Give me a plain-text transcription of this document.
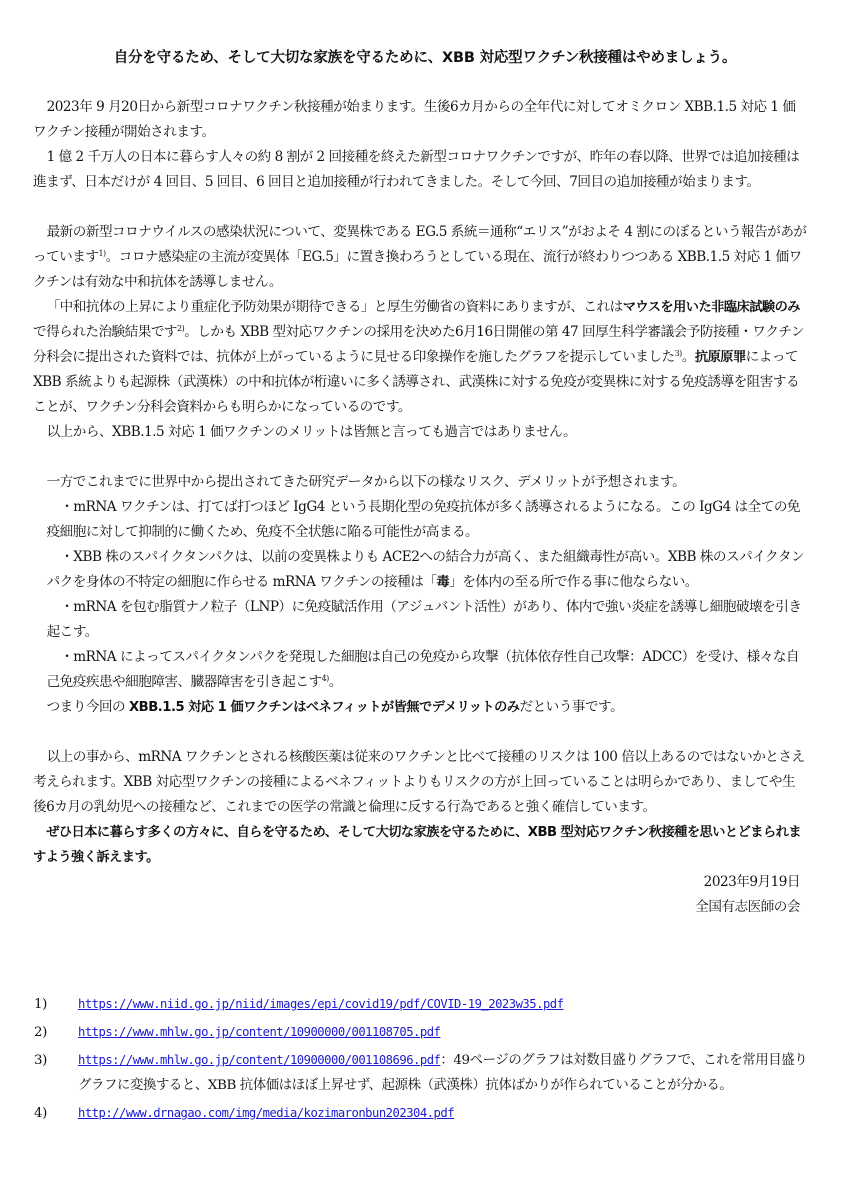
自分を守るため、そして大切な家族を守るために、XBB 対応型ワクチン秋接種はやめましょう。

2023年 9 月20日から新型コロナワクチン秋接種が始まります。生後6カ月からの全年代に対してオミクロン XBB.1.5 対応 1 価ワクチン接種が開始されます。

1 億 2 千万人の日本に暮らす人々の約 8 割が 2 回接種を終えた新型コロナワクチンですが、昨年の春以降、世界では追加接種は進まず、日本だけが 4 回目、5 回目、6 回目と追加接種が行われてきました。そして今回、7回目の追加接種が始まります。

最新の新型コロナウイルスの感染状況について、変異株である EG.5 系統＝通称“エリス”がおよそ 4 割にのぼるという報告があがっています$^{1)}$。コロナ感染症の主流が変異体「EG.5」に置き換わろうとしている現在、流行が終わりつつある XBB.1.5 対応 1 価ワクチンは有効な中和抗体を誘導しません。

「中和抗体の上昇により重症化予防効果が期待できる」と厚生労働省の資料にありますが、これはマウスを用いた非臨床試験のみで得られた治験結果です$^{2)}$。しかも XBB 型対応ワクチンの採用を決めた6月16日開催の第 47 回厚生科学審議会予防接種・ワクチン分科会に提出された資料では、抗体が上がっているように見せる印象操作を施したグラフを提示していました$^{3)}$。抗原原罪によって XBB 系統よりも起源株（武漢株）の中和抗体が桁違いに多く誘導され、武漢株に対する免疫が変異株に対する免疫誘導を阻害することが、ワクチン分科会資料からも明らかになっているのです。

以上から、XBB.1.5 対応 1 価ワクチンのメリットは皆無と言っても過言ではありません。

一方でこれまでに世界中から提出されてきた研究データから以下の様なリスク、デメリットが予想されます。

・mRNA ワクチンは、打てば打つほど IgG4 という長期化型の免疫抗体が多く誘導されるようになる。この IgG4 は全ての免疫細胞に対して抑制的に働くため、免疫不全状態に陥る可能性が高まる。

・XBB 株のスパイクタンパクは、以前の変異株よりも ACE2への結合力が高く、また組織毒性が高い。XBB 株のスパイクタンパクを身体の不特定の細胞に作らせる mRNA ワクチンの接種は「毒」を体内の至る所で作る事に他ならない。

・mRNA を包む脂質ナノ粒子（LNP）に免疫賦活作用（アジュバント活性）があり、体内で強い炎症を誘導し細胞破壊を引き起こす。

・mRNA によってスパイクタンパクを発現した細胞は自己の免疫から攻撃（抗体依存性自己攻撃：ADCC）を受け、様々な自己免疫疾患や細胞障害、臓器障害を引き起こす$^{4)}$。

つまり今回の XBB.1.5 対応 1 価ワクチンはベネフィットが皆無でデメリットのみだという事です。

以上の事から、mRNA ワクチンとされる核酸医薬は従来のワクチンと比べて接種のリスクは 100 倍以上あるのではないかとさえ考えられます。XBB 対応型ワクチンの接種によるベネフィットよりもリスクの方が上回っていることは明らかであり、ましてや生後6カ月の乳幼児への接種など、これまでの医学の常識と倫理に反する行為であると強く確信しています。

ぜひ日本に暮らす多くの方々に、自らを守るため、そして大切な家族を守るために、XBB 型対応ワクチン秋接種を思いとどまられますよう強く訴えます。

2023年9月19日

全国有志医師の会

1)	https://www.niid.go.jp/niid/images/epi/covid19/pdf/COVID-19_2023w35.pdf
2)	https://www.mhlw.go.jp/content/10900000/001108705.pdf
3)	https://www.mhlw.go.jp/content/10900000/001108696.pdf：49ページのグラフは対数目盛りグラフで、これを常用目盛りグラフに変換すると、XBB 抗体価はほぼ上昇せず、起源株（武漢株）抗体ばかりが作られていることが分かる。
4)	http://www.drnagao.com/img/media/kozimaronbun202304.pdf
